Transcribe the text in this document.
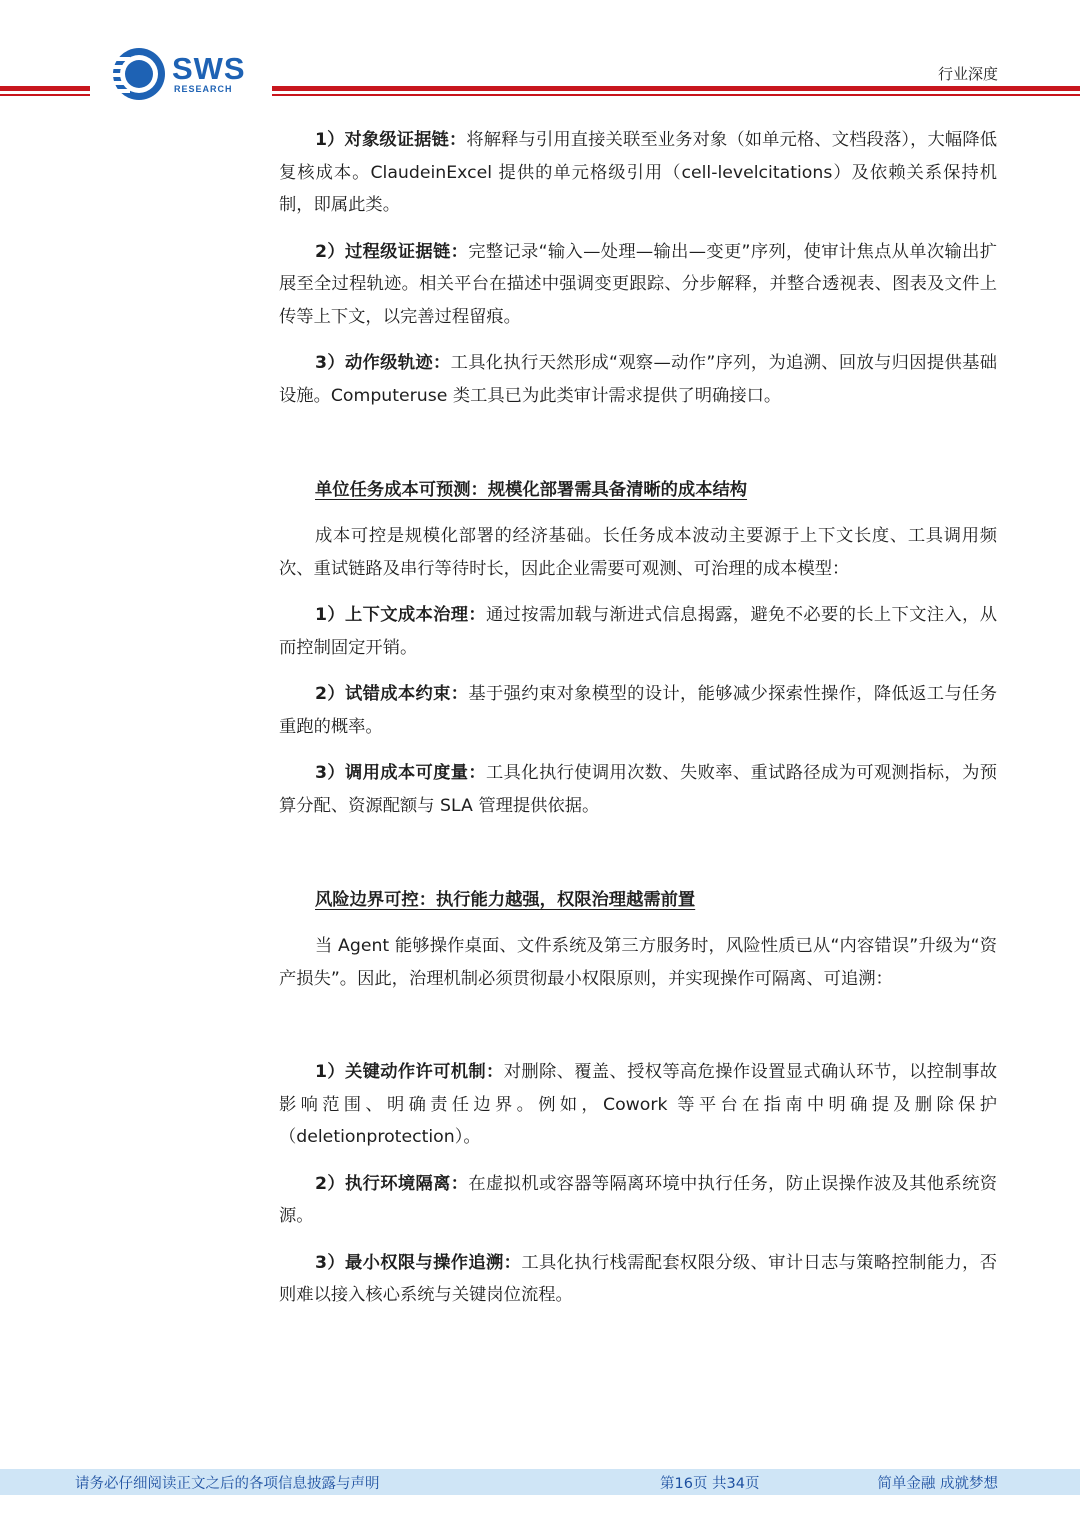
SWS
RESEARCH
行业深度

1）对象级证据链：将解释与引用直接关联至业务对象（如单元格、文档段落），大幅降低复核成本。ClaudeinExcel 提供的单元格级引用（cell-levelcitations）及依赖关系保持机制，即属此类。

2）过程级证据链：完整记录“输入—处理—输出—变更”序列，使审计焦点从单次输出扩展至全过程轨迹。相关平台在描述中强调变更跟踪、分步解释，并整合透视表、图表及文件上传等上下文，以完善过程留痕。

3）动作级轨迹：工具化执行天然形成“观察—动作”序列，为追溯、回放与归因提供基础设施。Computeruse 类工具已为此类审计需求提供了明确接口。

单位任务成本可预测：规模化部署需具备清晰的成本结构

成本可控是规模化部署的经济基础。长任务成本波动主要源于上下文长度、工具调用频次、重试链路及串行等待时长，因此企业需要可观测、可治理的成本模型：

1）上下文成本治理：通过按需加载与渐进式信息揭露，避免不必要的长上下文注入，从而控制固定开销。

2）试错成本约束：基于强约束对象模型的设计，能够减少探索性操作，降低返工与任务重跑的概率。

3）调用成本可度量：工具化执行使调用次数、失败率、重试路径成为可观测指标，为预算分配、资源配额与 SLA 管理提供依据。

风险边界可控：执行能力越强，权限治理越需前置

当 Agent 能够操作桌面、文件系统及第三方服务时，风险性质已从“内容错误”升级为“资产损失”。因此，治理机制必须贯彻最小权限原则，并实现操作可隔离、可追溯：

1）关键动作许可机制：对删除、覆盖、授权等高危操作设置显式确认环节，以控制事故影响范围、明确责任边界。例如，Cowork 等平台在指南中明确提及删除保护（deletionprotection）。

2）执行环境隔离：在虚拟机或容器等隔离环境中执行任务，防止误操作波及其他系统资源。

3）最小权限与操作追溯：工具化执行栈需配套权限分级、审计日志与策略控制能力，否则难以接入核心系统与关键岗位流程。

请务必仔细阅读正文之后的各项信息披露与声明	第16页 共34页	简单金融 成就梦想
